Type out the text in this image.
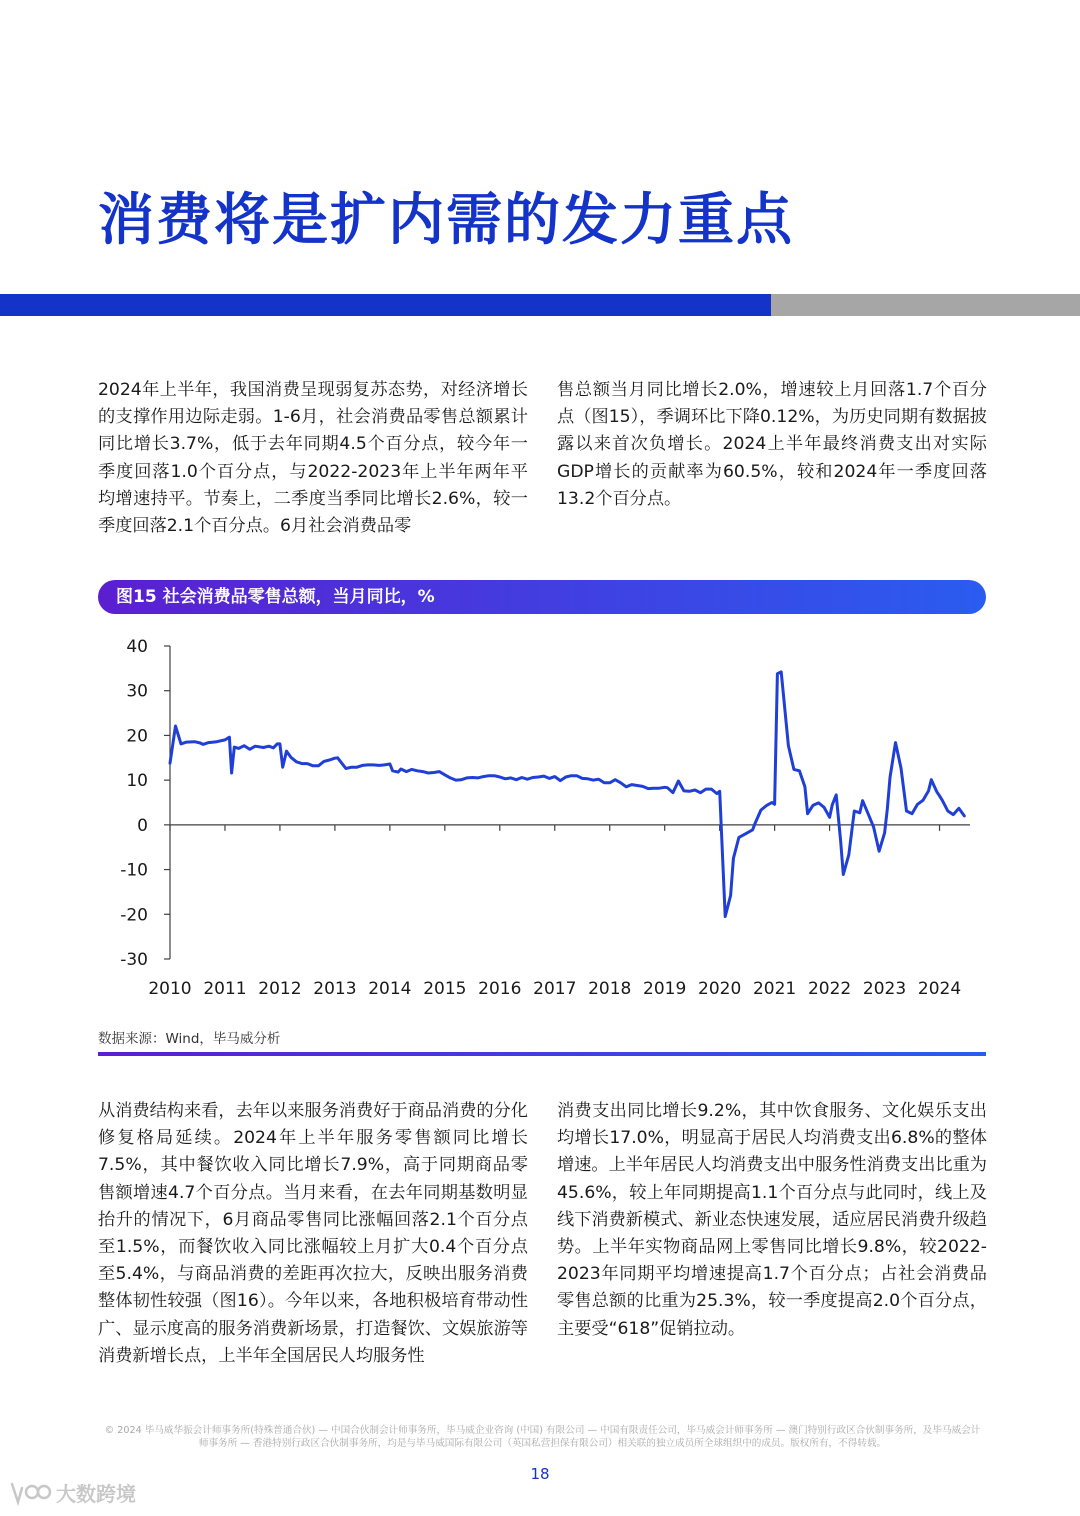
消费将是扩内需的发力重点

2024年上半年，我国消费呈现弱复苏态势，对经济增长的支撑作用边际走弱。1-6月，社会消费品零售总额累计同比增长3.7%，低于去年同期4.5个百分点，较今年一季度回落1.0个百分点，与2022-2023年上半年两年平均增速持平。节奏上，二季度当季同比增长2.6%，较一季度回落2.1个百分点。6月社会消费品零

售总额当月同比增长2.0%，增速较上月回落1.7个百分点（图15），季调环比下降0.12%，为历史同期有数据披露以来首次负增长。2024上半年最终消费支出对实际GDP增长的贡献率为60.5%，较和2024年一季度回落13.2个百分点。

图15 社会消费品零售总额，当月同比，%
40
30
20
10
0
-10
-20
-30
2010 2011 2012 2013 2014 2015 2016 2017 2018 2019 2020 2021 2022 2023 2024
数据来源：Wind，毕马威分析

从消费结构来看，去年以来服务消费好于商品消费的分化修复格局延续。2024年上半年服务零售额同比增长7.5%，其中餐饮收入同比增长7.9%，高于同期商品零售额增速4.7个百分点。当月来看，在去年同期基数明显抬升的情况下，6月商品零售同比涨幅回落2.1个百分点至1.5%，而餐饮收入同比涨幅较上月扩大0.4个百分点至5.4%，与商品消费的差距再次拉大，反映出服务消费整体韧性较强（图16）。今年以来，各地积极培育带动性广、显示度高的服务消费新场景，打造餐饮、文娱旅游等消费新增长点，上半年全国居民人均服务性

消费支出同比增长9.2%，其中饮食服务、文化娱乐支出均增长17.0%，明显高于居民人均消费支出6.8%的整体增速。上半年居民人均消费支出中服务性消费支出比重为45.6%，较上年同期提高1.1个百分点与此同时，线上及线下消费新模式、新业态快速发展，适应居民消费升级趋势。上半年实物商品网上零售同比增长9.8%，较2022-2023年同期平均增速提高1.7个百分点；占社会消费品零售总额的比重为25.3%，较一季度提高2.0个百分点，主要受“618”促销拉动。

© 2024 毕马威华振会计师事务所(特殊普通合伙) — 中国合伙制会计师事务所，毕马威企业咨询 (中国) 有限公司 — 中国有限责任公司，毕马威会计师事务所 — 澳门特别行政区合伙制事务所，及毕马威会计师事务所 — 香港特别行政区合伙制事务所，均是与毕马威国际有限公司（英国私营担保有限公司）相关联的独立成员所全球组织中的成员。版权所有，不得转载。
18
大数跨境
